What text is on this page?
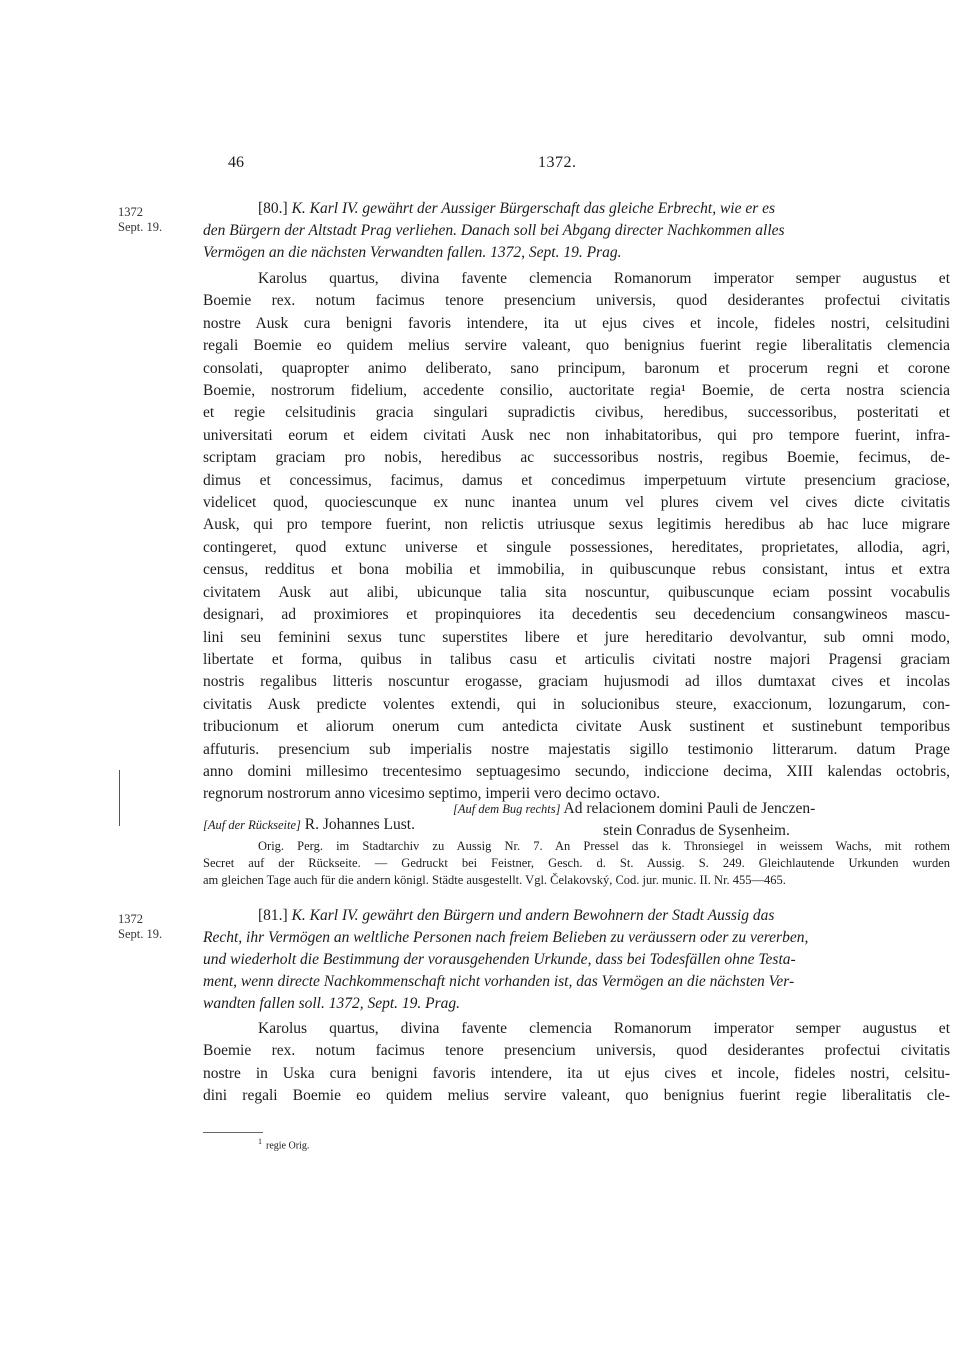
46	1372.
1372
Sept. 19.
[80.] K. Karl IV. gewährt der Aussiger Bürgerschaft das gleiche Erbrecht, wie er es
den Bürgern der Altstadt Prag verliehen. Danach soll bei Abgang directer Nachkommen alles
Vermögen an die nächsten Verwandten fallen. 1372, Sept. 19. Prag.
Karolus quartus, divina favente clemencia Romanorum imperator semper augustus et
Boemie rex. notum facimus tenore presencium universis, quod desiderantes profectui civitatis
nostre Ausk cura benigni favoris intendere, ita ut ejus cives et incole, fideles nostri, celsitudini
regali Boemie eo quidem melius servire valeant, quo benignius fuerint regie liberalitatis clemencia
consolati, quapropter animo deliberato, sano principum, baronum et procerum regni et corone
Boemie, nostrorum fidelium, accedente consilio, auctoritate regia¹ Boemie, de certa nostra sciencia
et regie celsitudinis gracia singulari supradictis civibus, heredibus, successoribus, posteritati et
universitati eorum et eidem civitati Ausk nec non inhabitatoribus, qui pro tempore fuerint, infra-
scriptam graciam pro nobis, heredibus ac successoribus nostris, regibus Boemie, fecimus, de-
dimus et concessimus, facimus, damus et concedimus imperpetuum virtute presencium graciose,
videlicet quod, quociescunque ex nunc inantea unum vel plures civem vel cives dicte civitatis
Ausk, qui pro tempore fuerint, non relictis utriusque sexus legitimis heredibus ab hac luce migrare
contingeret, quod extunc universe et singule possessiones, hereditates, proprietates, allodia, agri,
census, redditus et bona mobilia et immobilia, in quibuscunque rebus consistant, intus et extra
civitatem Ausk aut alibi, ubicunque talia sita noscuntur, quibuscunque eciam possint vocabulis
designari, ad proximiores et propinquiores ita decedentis seu decedencium consangwineos mascu-
lini seu feminini sexus tunc superstites libere et jure hereditario devolvantur, sub omni modo,
libertate et forma, quibus in talibus casu et articulis civitati nostre majori Pragensi graciam
nostris regalibus litteris noscuntur erogasse, graciam hujusmodi ad illos dumtaxat cives et incolas
civitatis Ausk predicte volentes extendi, qui in solucionibus steure, exaccionum, lozungarum, con-
tribucionum et aliorum onerum cum antedicta civitate Ausk sustinent et sustinebunt temporibus
affuturis. presencium sub imperialis nostre majestatis sigillo testimonio litterarum. datum Prage
anno domini millesimo trecentesimo septuagesimo secundo, indiccione decima, XIII kalendas octobris,
regnorum nostrorum anno vicesimo septimo, imperii vero decimo octavo.
[Auf dem Bug rechts] Ad relacionem domini Pauli de Jenczen-
stein Conradus de Sysenheim.
[Auf der Rückseite] R. Johannes Lust.
Orig. Perg. im Stadtarchiv zu Aussig Nr. 7. An Pressel das k. Thronsiegel in weissem Wachs, mit rothem
Secret auf der Rückseite. — Gedruckt bei Feistner, Gesch. d. St. Aussig. S. 249. Gleichlautende Urkunden wurden
am gleichen Tage auch für die andern königl. Städte ausgestellt. Vgl. Čelakovský, Cod. jur. munic. II. Nr. 455—465.
1372
Sept. 19.
[81.] K. Karl IV. gewährt den Bürgern und andern Bewohnern der Stadt Aussig das
Recht, ihr Vermögen an weltliche Personen nach freiem Belieben zu veräussern oder zu vererben,
und wiederholt die Bestimmung der vorausgehenden Urkunde, dass bei Todesfällen ohne Testa-
ment, wenn directe Nachkommenschaft nicht vorhanden ist, das Vermögen an die nächsten Ver-
wandten fallen soll. 1372, Sept. 19. Prag.
Karolus quartus, divina favente clemencia Romanorum imperator semper augustus et
Boemie rex. notum facimus tenore presencium universis, quod desiderantes profectui civitatis
nostre in Uska cura benigni favoris intendere, ita ut ejus cives et incole, fideles nostri, celsitu-
dini regali Boemie eo quidem melius servire valeant, quo benignius fuerint regie liberalitatis cle-
$^1$ regie Orig.
